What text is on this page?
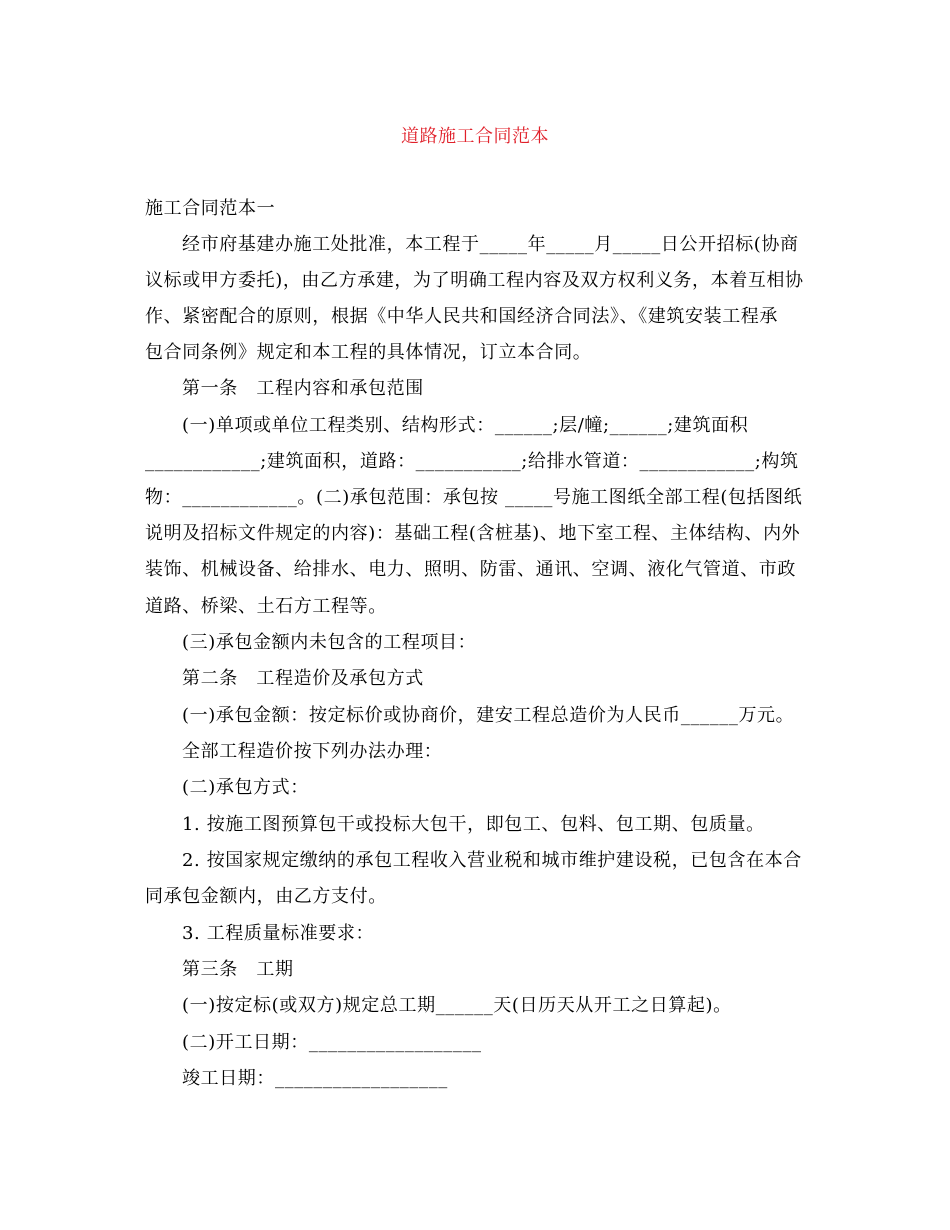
道路施工合同范本
施工合同范本一
经市府基建办施工处批准，本工程于_____年_____月_____日公开招标(协商
议标或甲方委托)，由乙方承建，为了明确工程内容及双方权利义务，本着互相协
作、紧密配合的原则，根据《中华人民共和国经济合同法》、《建筑安装工程承
包合同条例》规定和本工程的具体情况，订立本合同。
第一条　工程内容和承包范围
(一)单项或单位工程类别、结构形式：______;层/幢;______;建筑面积
____________;建筑面积，道路：___________;给排水管道：____________;构筑
物：____________。(二)承包范围：承包按 _____号施工图纸全部工程(包括图纸
说明及招标文件规定的内容)：基础工程(含桩基)、地下室工程、主体结构、内外
装饰、机械设备、给排水、电力、照明、防雷、通讯、空调、液化气管道、市政
道路、桥梁、土石方工程等。
(三)承包金额内未包含的工程项目：
第二条　工程造价及承包方式
(一)承包金额：按定标价或协商价，建安工程总造价为人民币______万元。
全部工程造价按下列办法办理：
(二)承包方式：
1. 按施工图预算包干或投标大包干，即包工、包料、包工期、包质量。
2. 按国家规定缴纳的承包工程收入营业税和城市维护建设税，已包含在本合
同承包金额内，由乙方支付。
3. 工程质量标准要求：
第三条　工期
(一)按定标(或双方)规定总工期______天(日历天从开工之日算起)。
(二)开工日期：__________________
竣工日期：__________________
